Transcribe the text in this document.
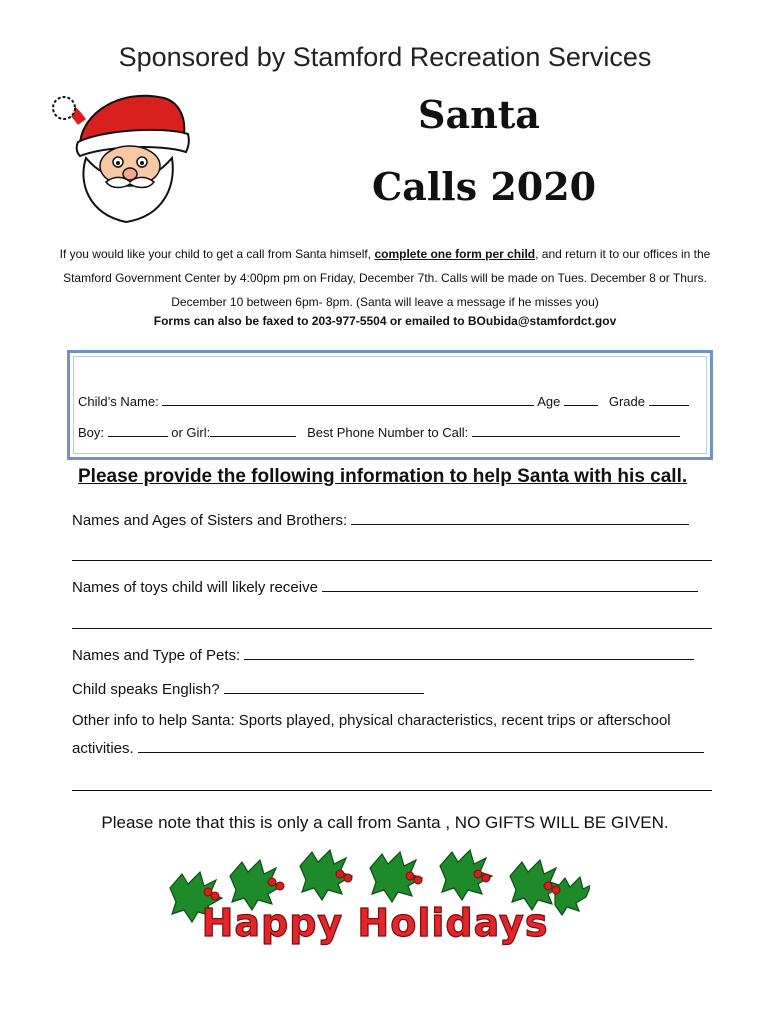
Sponsored by Stamford Recreation Services
Santa
Calls 2020
If you would like your child to get a call from Santa himself, complete one form per child, and return it to our offices in the Stamford Government Center by 4:00pm pm on Friday, December 7th. Calls will be made on Tues. December 8 or Thurs. December 10 between 6pm- 8pm. (Santa will leave a message if he misses you)
Forms can also be faxed to 203-977-5504 or emailed to BOubida@stamfordct.gov
Child’s Name:	Age	Grade
Boy:	or Girl:	Best Phone Number to Call:
Please provide the following information to help Santa with his call.
Names and Ages of Sisters and Brothers:
Names of toys child will likely receive
Names and Type of Pets:
Child speaks English?
Other info to help Santa: Sports played, physical characteristics, recent trips or afterschool
activities.
Please note that this is only a call from Santa , NO GIFTS WILL BE GIVEN.
Happy Holidays
